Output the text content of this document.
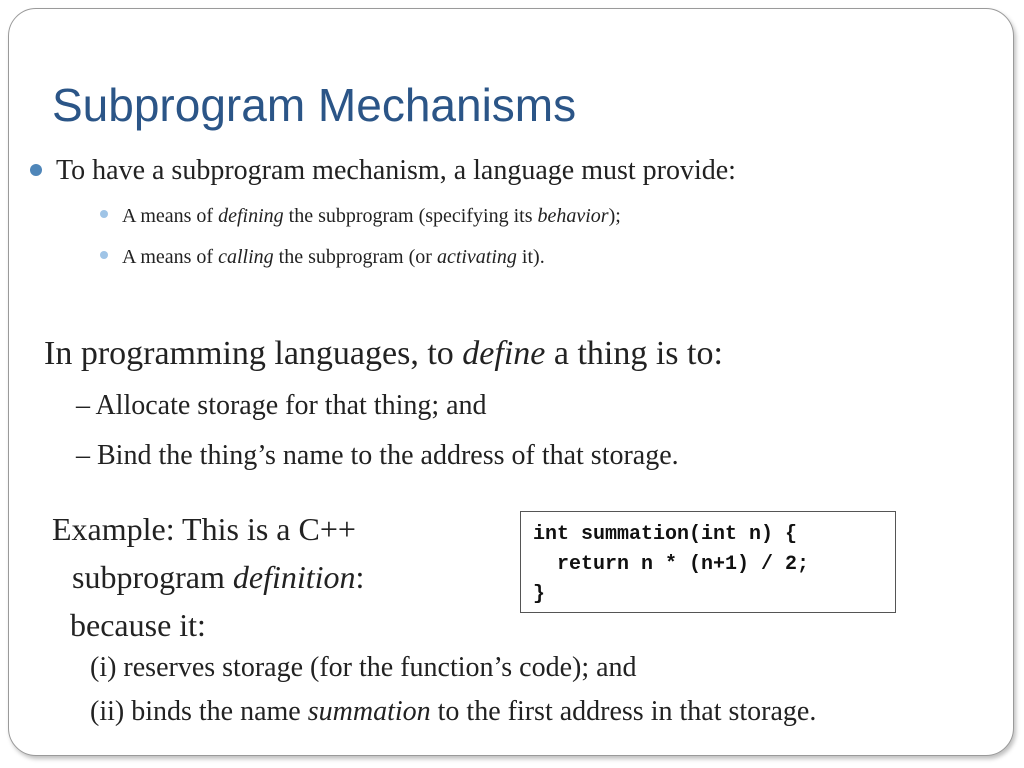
Subprogram Mechanisms
To have a subprogram mechanism, a language must provide:
A means of defining the subprogram (specifying its behavior);
A means of calling the subprogram (or activating it).
In programming languages, to define a thing is to:
– Allocate storage for that thing; and
– Bind the thing’s name to the address of that storage.
Example: This is a C++
subprogram definition:
because it:
int summation(int n) {
return n * (n+1) / 2;
}
(i) reserves storage (for the function’s code); and
(ii) binds the name summation to the first address in that storage.
